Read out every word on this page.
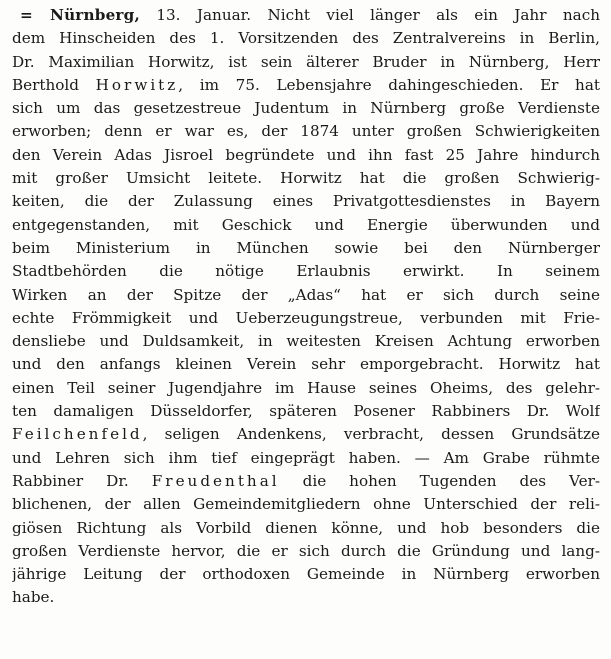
= Nürnberg, 13. Januar. Nicht viel länger als ein Jahr nach
dem Hinscheiden des 1. Vorsitzenden des Zentralvereins in Berlin,
Dr. Maximilian Horwitz, ist sein älterer Bruder in Nürnberg, Herr
Berthold Horwitz, im 75. Lebensjahre dahingeschieden. Er hat
sich um das gesetzestreue Judentum in Nürnberg große Verdienste
erworben; denn er war es, der 1874 unter großen Schwierigkeiten
den Verein Adas Jisroel begründete und ihn fast 25 Jahre hindurch
mit großer Umsicht leitete. Horwitz hat die großen Schwierig-
keiten, die der Zulassung eines Privatgottesdienstes in Bayern
entgegenstanden, mit Geschick und Energie überwunden und
beim Ministerium in München sowie bei den Nürnberger
Stadtbehörden die nötige Erlaubnis erwirkt. In seinem
Wirken an der Spitze der „Adas“ hat er sich durch seine
echte Frömmigkeit und Ueberzeugungstreue, verbunden mit Frie-
densliebe und Duldsamkeit, in weitesten Kreisen Achtung erworben
und den anfangs kleinen Verein sehr emporgebracht. Horwitz hat
einen Teil seiner Jugendjahre im Hause seines Oheims, des gelehr-
ten damaligen Düsseldorfer, späteren Posener Rabbiners Dr. Wolf
Feilchenfeld, seligen Andenkens, verbracht, dessen Grundsätze
und Lehren sich ihm tief eingeprägt haben. — Am Grabe rühmte
Rabbiner Dr. Freudenthal die hohen Tugenden des Ver-
blichenen, der allen Gemeindemitgliedern ohne Unterschied der reli-
giösen Richtung als Vorbild dienen könne, und hob besonders die
großen Verdienste hervor, die er sich durch die Gründung und lang-
jährige Leitung der orthodoxen Gemeinde in Nürnberg erworben
habe.
